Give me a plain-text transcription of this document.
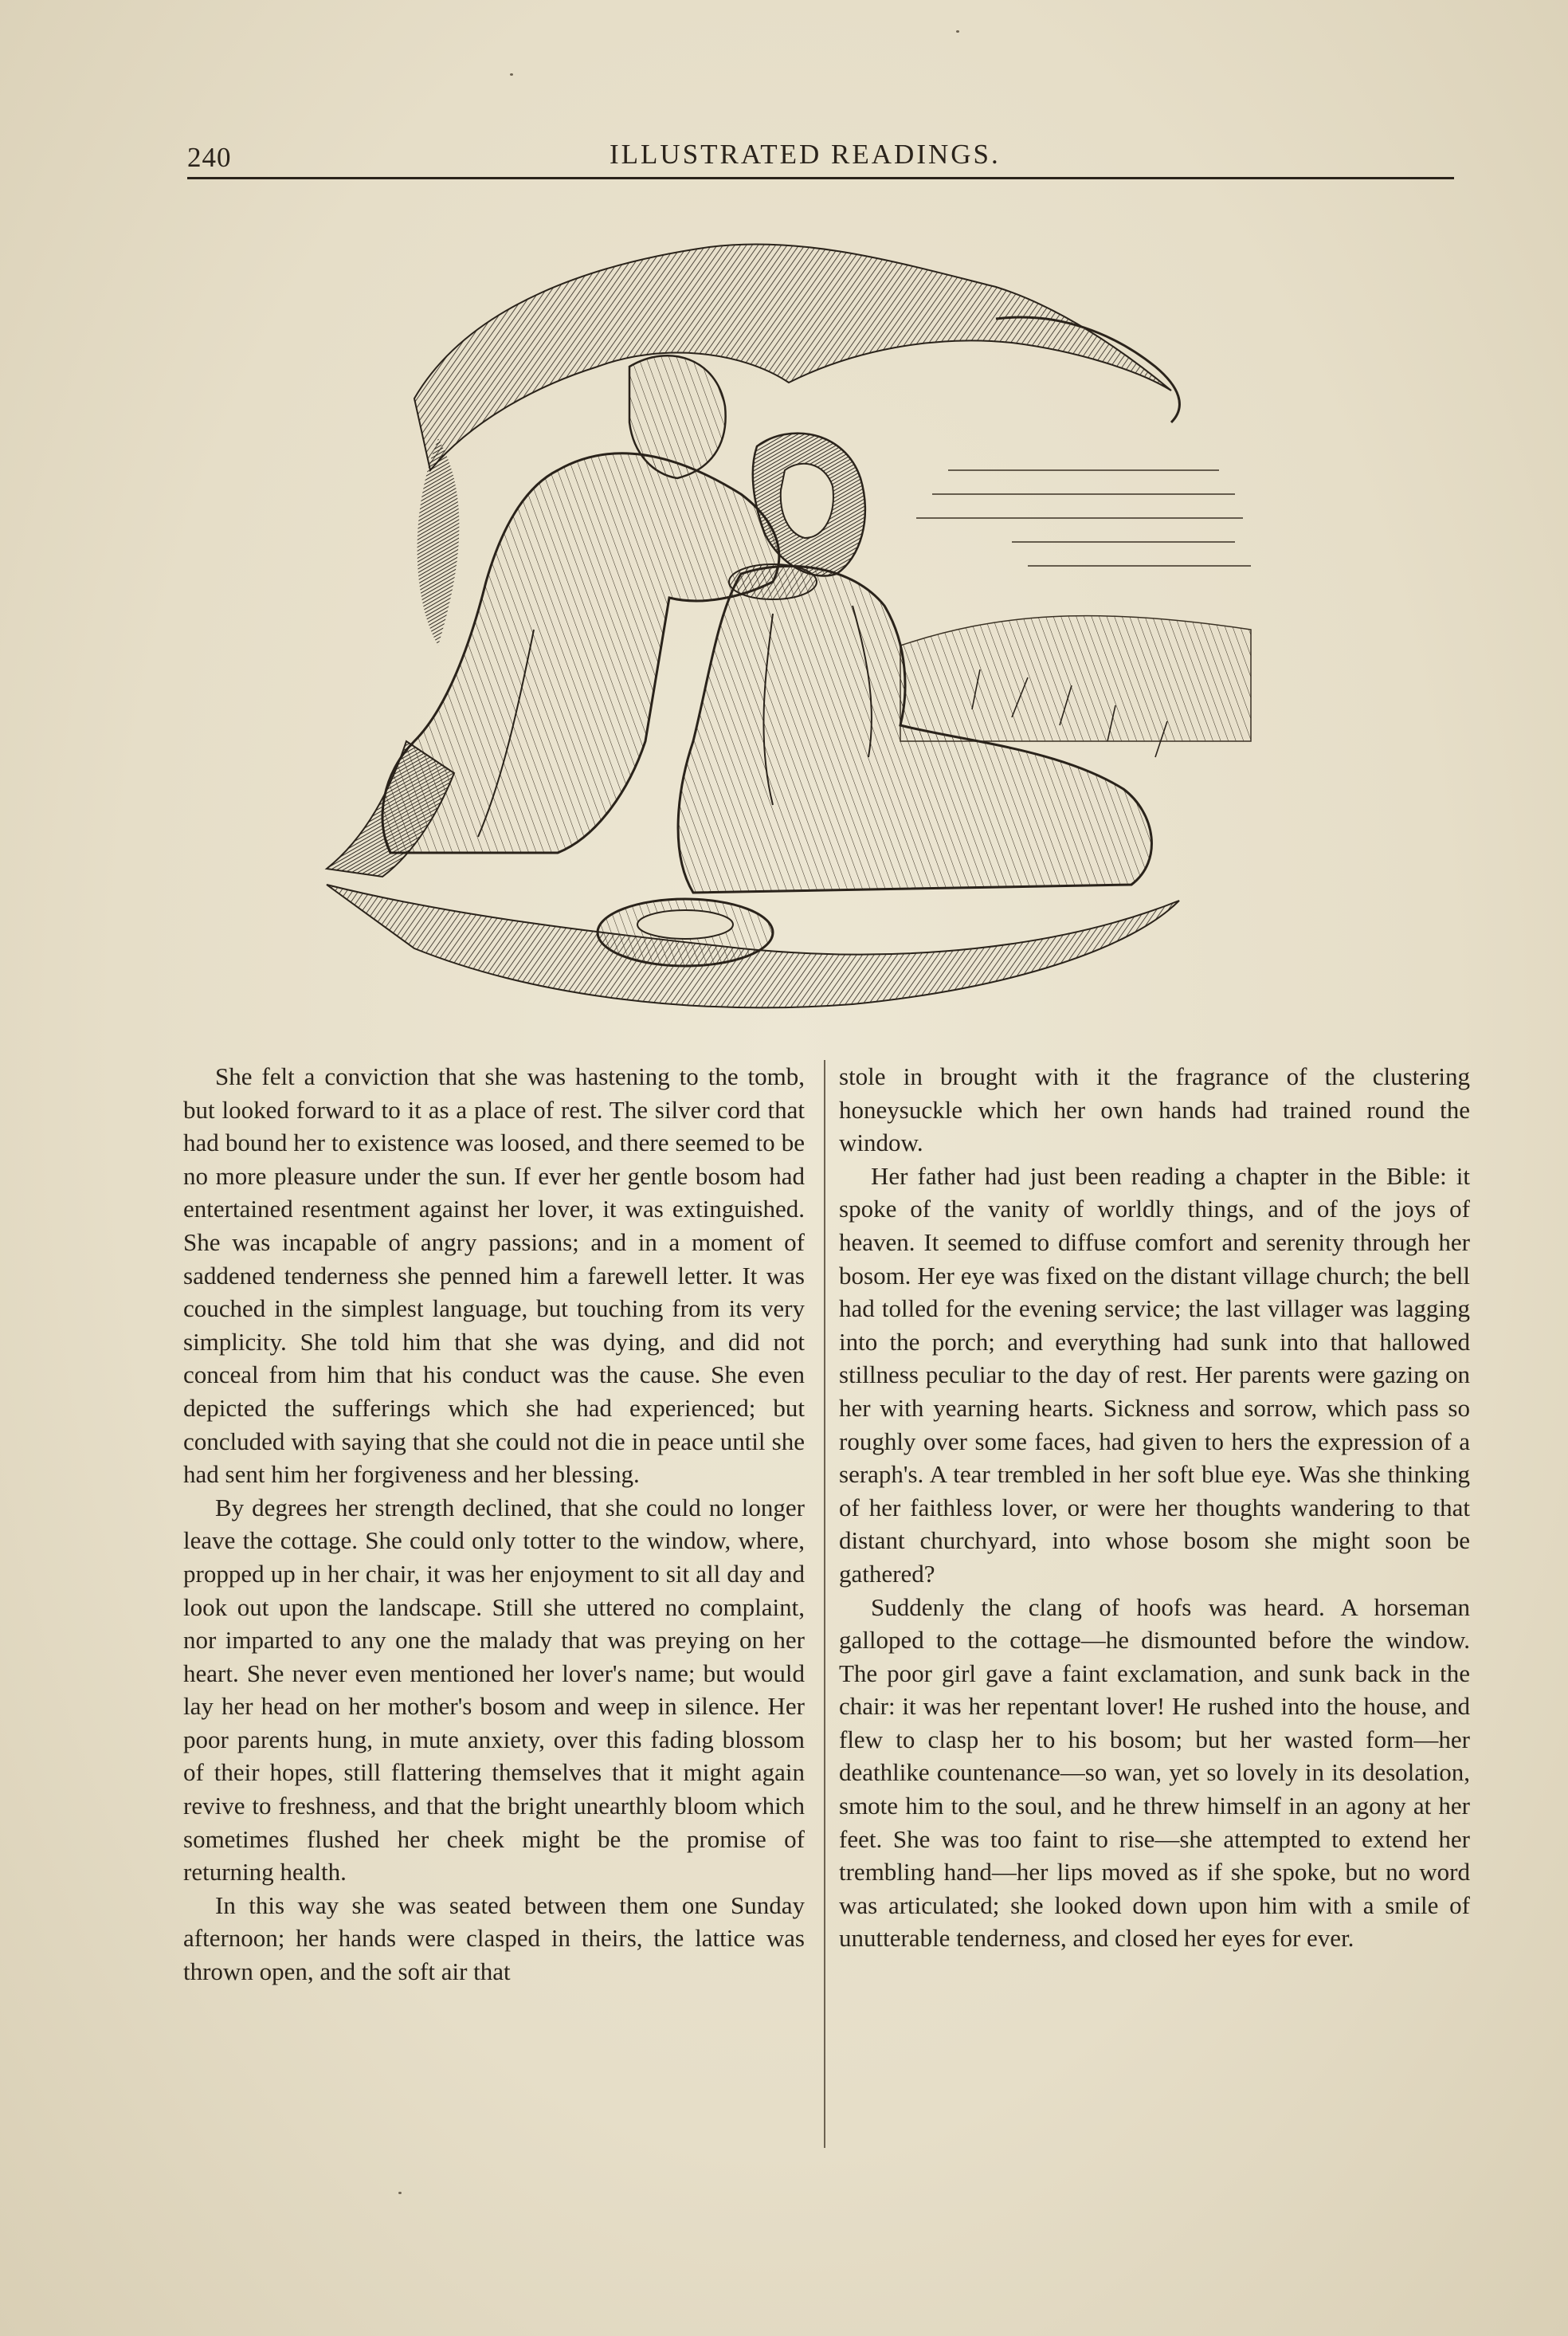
240	ILLUSTRATED READINGS.

She felt a conviction that she was hastening to the tomb, but looked forward to it as a place of rest. The silver cord that had bound her to existence was loosed, and there seemed to be no more pleasure under the sun. If ever her gentle bosom had entertained resentment against her lover, it was extinguished. She was incapable of angry passions; and in a moment of saddened tenderness she penned him a farewell letter. It was couched in the simplest language, but touching from its very simplicity. She told him that she was dying, and did not conceal from him that his conduct was the cause. She even depicted the sufferings which she had experienced; but concluded with saying that she could not die in peace until she had sent him her forgiveness and her blessing.

By degrees her strength declined, that she could no longer leave the cottage. She could only totter to the window, where, propped up in her chair, it was her enjoyment to sit all day and look out upon the landscape. Still she uttered no complaint, nor imparted to any one the malady that was preying on her heart. She never even mentioned her lover's name; but would lay her head on her mother's bosom and weep in silence. Her poor parents hung, in mute anxiety, over this fading blossom of their hopes, still flattering themselves that it might again revive to freshness, and that the bright unearthly bloom which sometimes flushed her cheek might be the promise of returning health.

In this way she was seated between them one Sunday afternoon; her hands were clasped in theirs, the lattice was thrown open, and the soft air that

stole in brought with it the fragrance of the clustering honeysuckle which her own hands had trained round the window.

Her father had just been reading a chapter in the Bible: it spoke of the vanity of worldly things, and of the joys of heaven. It seemed to diffuse comfort and serenity through her bosom. Her eye was fixed on the distant village church; the bell had tolled for the evening service; the last villager was lagging into the porch; and everything had sunk into that hallowed stillness peculiar to the day of rest. Her parents were gazing on her with yearning hearts. Sickness and sorrow, which pass so roughly over some faces, had given to hers the expression of a seraph's. A tear trembled in her soft blue eye. Was she thinking of her faithless lover, or were her thoughts wandering to that distant churchyard, into whose bosom she might soon be gathered?

Suddenly the clang of hoofs was heard. A horseman galloped to the cottage—he dismounted before the window. The poor girl gave a faint exclamation, and sunk back in the chair: it was her repentant lover! He rushed into the house, and flew to clasp her to his bosom; but her wasted form—her deathlike countenance—so wan, yet so lovely in its desolation, smote him to the soul, and he threw himself in an agony at her feet. She was too faint to rise—she attempted to extend her trembling hand—her lips moved as if she spoke, but no word was articulated; she looked down upon him with a smile of unutterable tenderness, and closed her eyes for ever.
